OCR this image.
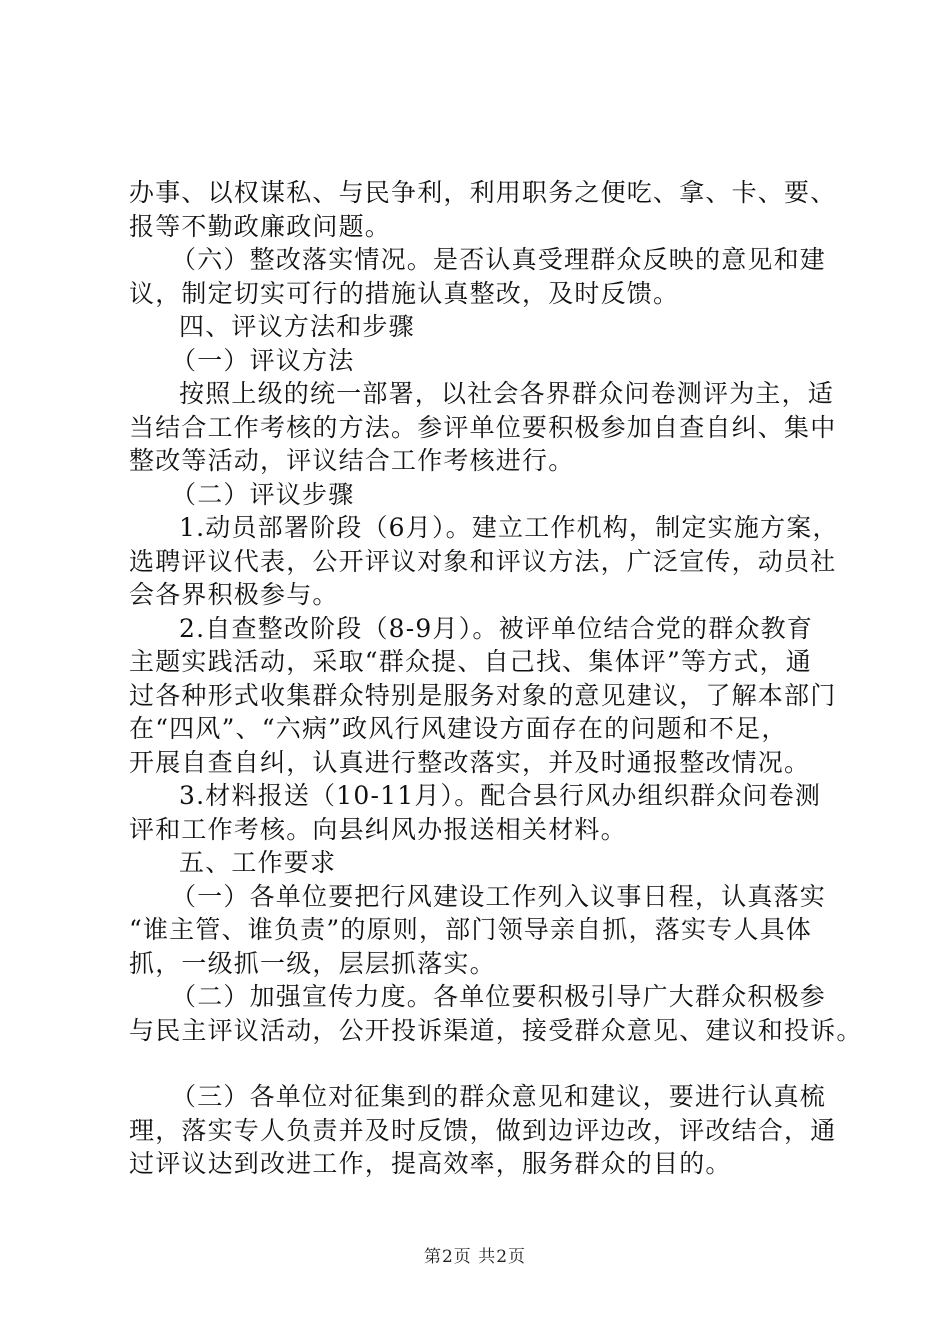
办事、以权谋私、与民争利，利用职务之便吃、拿、卡、要、
报等不勤政廉政问题。
（六）整改落实情况。是否认真受理群众反映的意见和建
议，制定切实可行的措施认真整改，及时反馈。
四、评议方法和步骤
（一）评议方法
按照上级的统一部署，以社会各界群众问卷测评为主，适
当结合工作考核的方法。参评单位要积极参加自查自纠、集中
整改等活动，评议结合工作考核进行。
（二）评议步骤
1.动员部署阶段（6月）。建立工作机构，制定实施方案，
选聘评议代表，公开评议对象和评议方法，广泛宣传，动员社
会各界积极参与。
2.自查整改阶段（8-9月）。被评单位结合党的群众教育
主题实践活动，采取“群众提、自己找、集体评”等方式，通
过各种形式收集群众特别是服务对象的意见建议，了解本部门
在“四风”、“六病”政风行风建设方面存在的问题和不足，
开展自查自纠，认真进行整改落实，并及时通报整改情况。
3.材料报送（10-11月）。配合县行风办组织群众问卷测
评和工作考核。向县纠风办报送相关材料。
五、工作要求
（一）各单位要把行风建设工作列入议事日程，认真落实
“谁主管、谁负责”的原则，部门领导亲自抓，落实专人具体
抓，一级抓一级，层层抓落实。
（二）加强宣传力度。各单位要积极引导广大群众积极参
与民主评议活动，公开投诉渠道，接受群众意见、建议和投诉。
（三）各单位对征集到的群众意见和建议，要进行认真梳
理，落实专人负责并及时反馈，做到边评边改，评改结合，通
过评议达到改进工作，提高效率，服务群众的目的。
第2页 共2页
